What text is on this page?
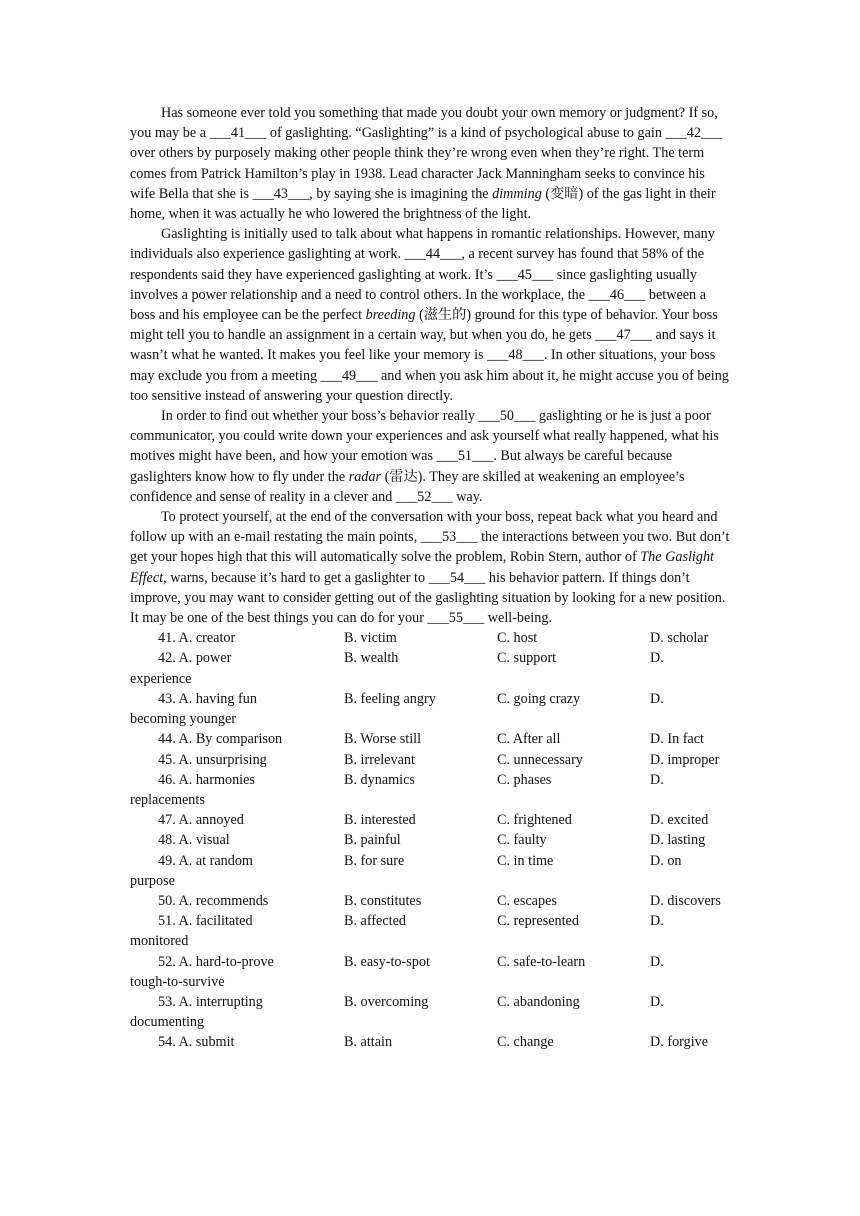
Has someone ever told you something that made you doubt your own memory or judgment? If so, you may be a ___41___ of gaslighting. “Gaslighting” is a kind of psychological abuse to gain ___42___ over others by purposely making other people think they’re wrong even when they’re right. The term comes from Patrick Hamilton’s play in 1938. Lead character Jack Manningham seeks to convince his wife Bella that she is ___43___, by saying she is imagining the dimming (变暗) of the gas light in their home, when it was actually he who lowered the brightness of the light.

Gaslighting is initially used to talk about what happens in romantic relationships. However, many individuals also experience gaslighting at work. ___44___, a recent survey has found that 58% of the respondents said they have experienced gaslighting at work. It’s ___45___ since gaslighting usually involves a power relationship and a need to control others. In the workplace, the ___46___ between a boss and his employee can be the perfect breeding (滋生的) ground for this type of behavior. Your boss might tell you to handle an assignment in a certain way, but when you do, he gets ___47___ and says it wasn’t what he wanted. It makes you feel like your memory is ___48___. In other situations, your boss may exclude you from a meeting ___49___ and when you ask him about it, he might accuse you of being too sensitive instead of answering your question directly.

In order to find out whether your boss’s behavior really ___50___ gaslighting or he is just a poor communicator, you could write down your experiences and ask yourself what really happened, what his motives might have been, and how your emotion was ___51___. But always be careful because gaslighters know how to fly under the radar (雷达). They are skilled at weakening an employee’s confidence and sense of reality in a clever and ___52___ way.

To protect yourself, at the end of the conversation with your boss, repeat back what you heard and follow up with an e-mail restating the main points, ___53___ the interactions between you two. But don’t get your hopes high that this will automatically solve the problem, Robin Stern, author of The Gaslight Effect, warns, because it’s hard to get a gaslighter to ___54___ his behavior pattern. If things don’t improve, you may want to consider getting out of the gaslighting situation by looking for a new position. It may be one of the best things you can do for your ___55___ well-being.

41. A. creator	B. victim	C. host	D. scholar
42. A. power	B. wealth	C. support	D.
experience
43. A. having fun	B. feeling angry	C. going crazy	D.
becoming younger
44. A. By comparison	B. Worse still	C. After all	D. In fact
45. A. unsurprising	B. irrelevant	C. unnecessary	D. improper
46. A. harmonies	B. dynamics	C. phases	D.
replacements
47. A. annoyed	B. interested	C. frightened	D. excited
48. A. visual	B. painful	C. faulty	D. lasting
49. A. at random	B. for sure	C. in time	D. on
purpose
50. A. recommends	B. constitutes	C. escapes	D. discovers
51. A. facilitated	B. affected	C. represented	D.
monitored
52. A. hard-to-prove	B. easy-to-spot	C. safe-to-learn	D.
tough-to-survive
53. A. interrupting	B. overcoming	C. abandoning	D.
documenting
54. A. submit	B. attain	C. change	D. forgive
